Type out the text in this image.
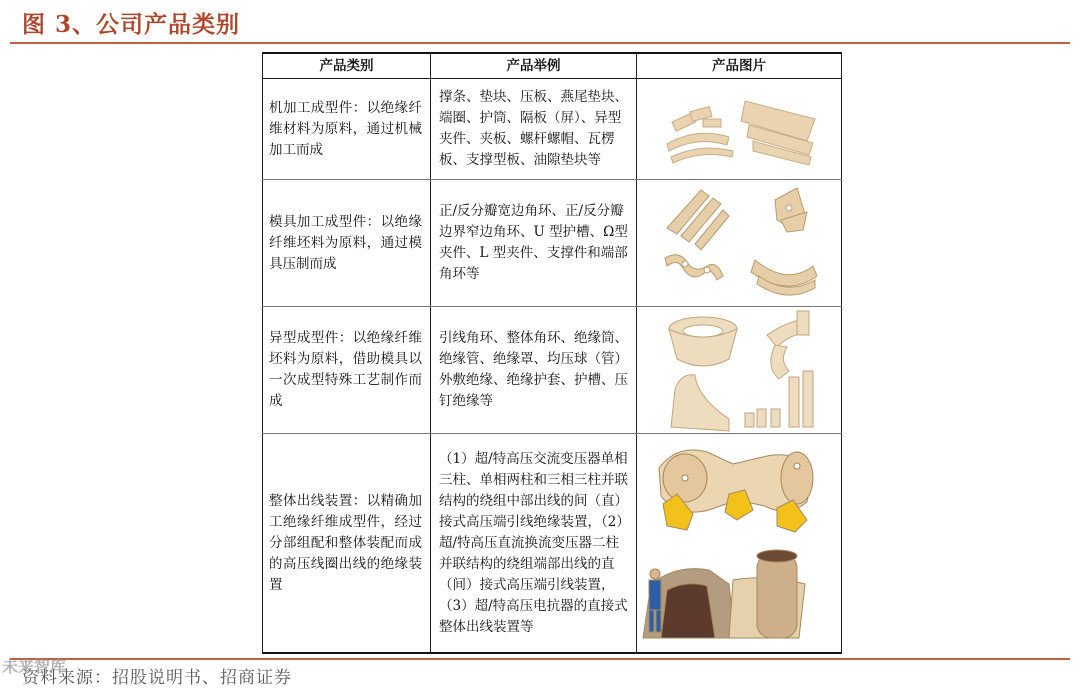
图 3、公司产品类别
产品类别	产品举例	产品图片
机加工成型件：以绝缘纤维材料为原料，通过机械加工而成	撑条、垫块、压板、燕尾垫块、端圈、护筒、隔板（屏）、异型夹件、夹板、螺杆螺帽、瓦楞板、支撑型板、油隙垫块等	

模具加工成型件：以绝缘纤维坯料为原料，通过模具压制而成	正/反分瓣宽边角环、正/反分瓣边界窄边角环、U 型护槽、Ω型夹件、L 型夹件、支撑件和端部角环等	

异型成型件：以绝缘纤维坯料为原料，借助模具以一次成型特殊工艺制作而成	引线角环、整体角环、绝缘筒、绝缘管、绝缘罩、均压球（管）外敷绝缘、绝缘护套、护槽、压钉绝缘等	

整体出线装置：以精确加工绝缘纤维成型件，经过分部组配和整体装配而成的高压线圈出线的绝缘装置	（1）超/特高压交流变压器单相三柱、单相两柱和三相三柱并联结构的绕组中部出线的间（直）接式高压端引线绝缘装置，（2）超/特高压直流换流变压器二柱并联结构的绕组端部出线的直（间）接式高压端引线装置，（3）超/特高压电抗器的直接式整体出线装置等	
资料来源：招股说明书、招商证券
未来智库
